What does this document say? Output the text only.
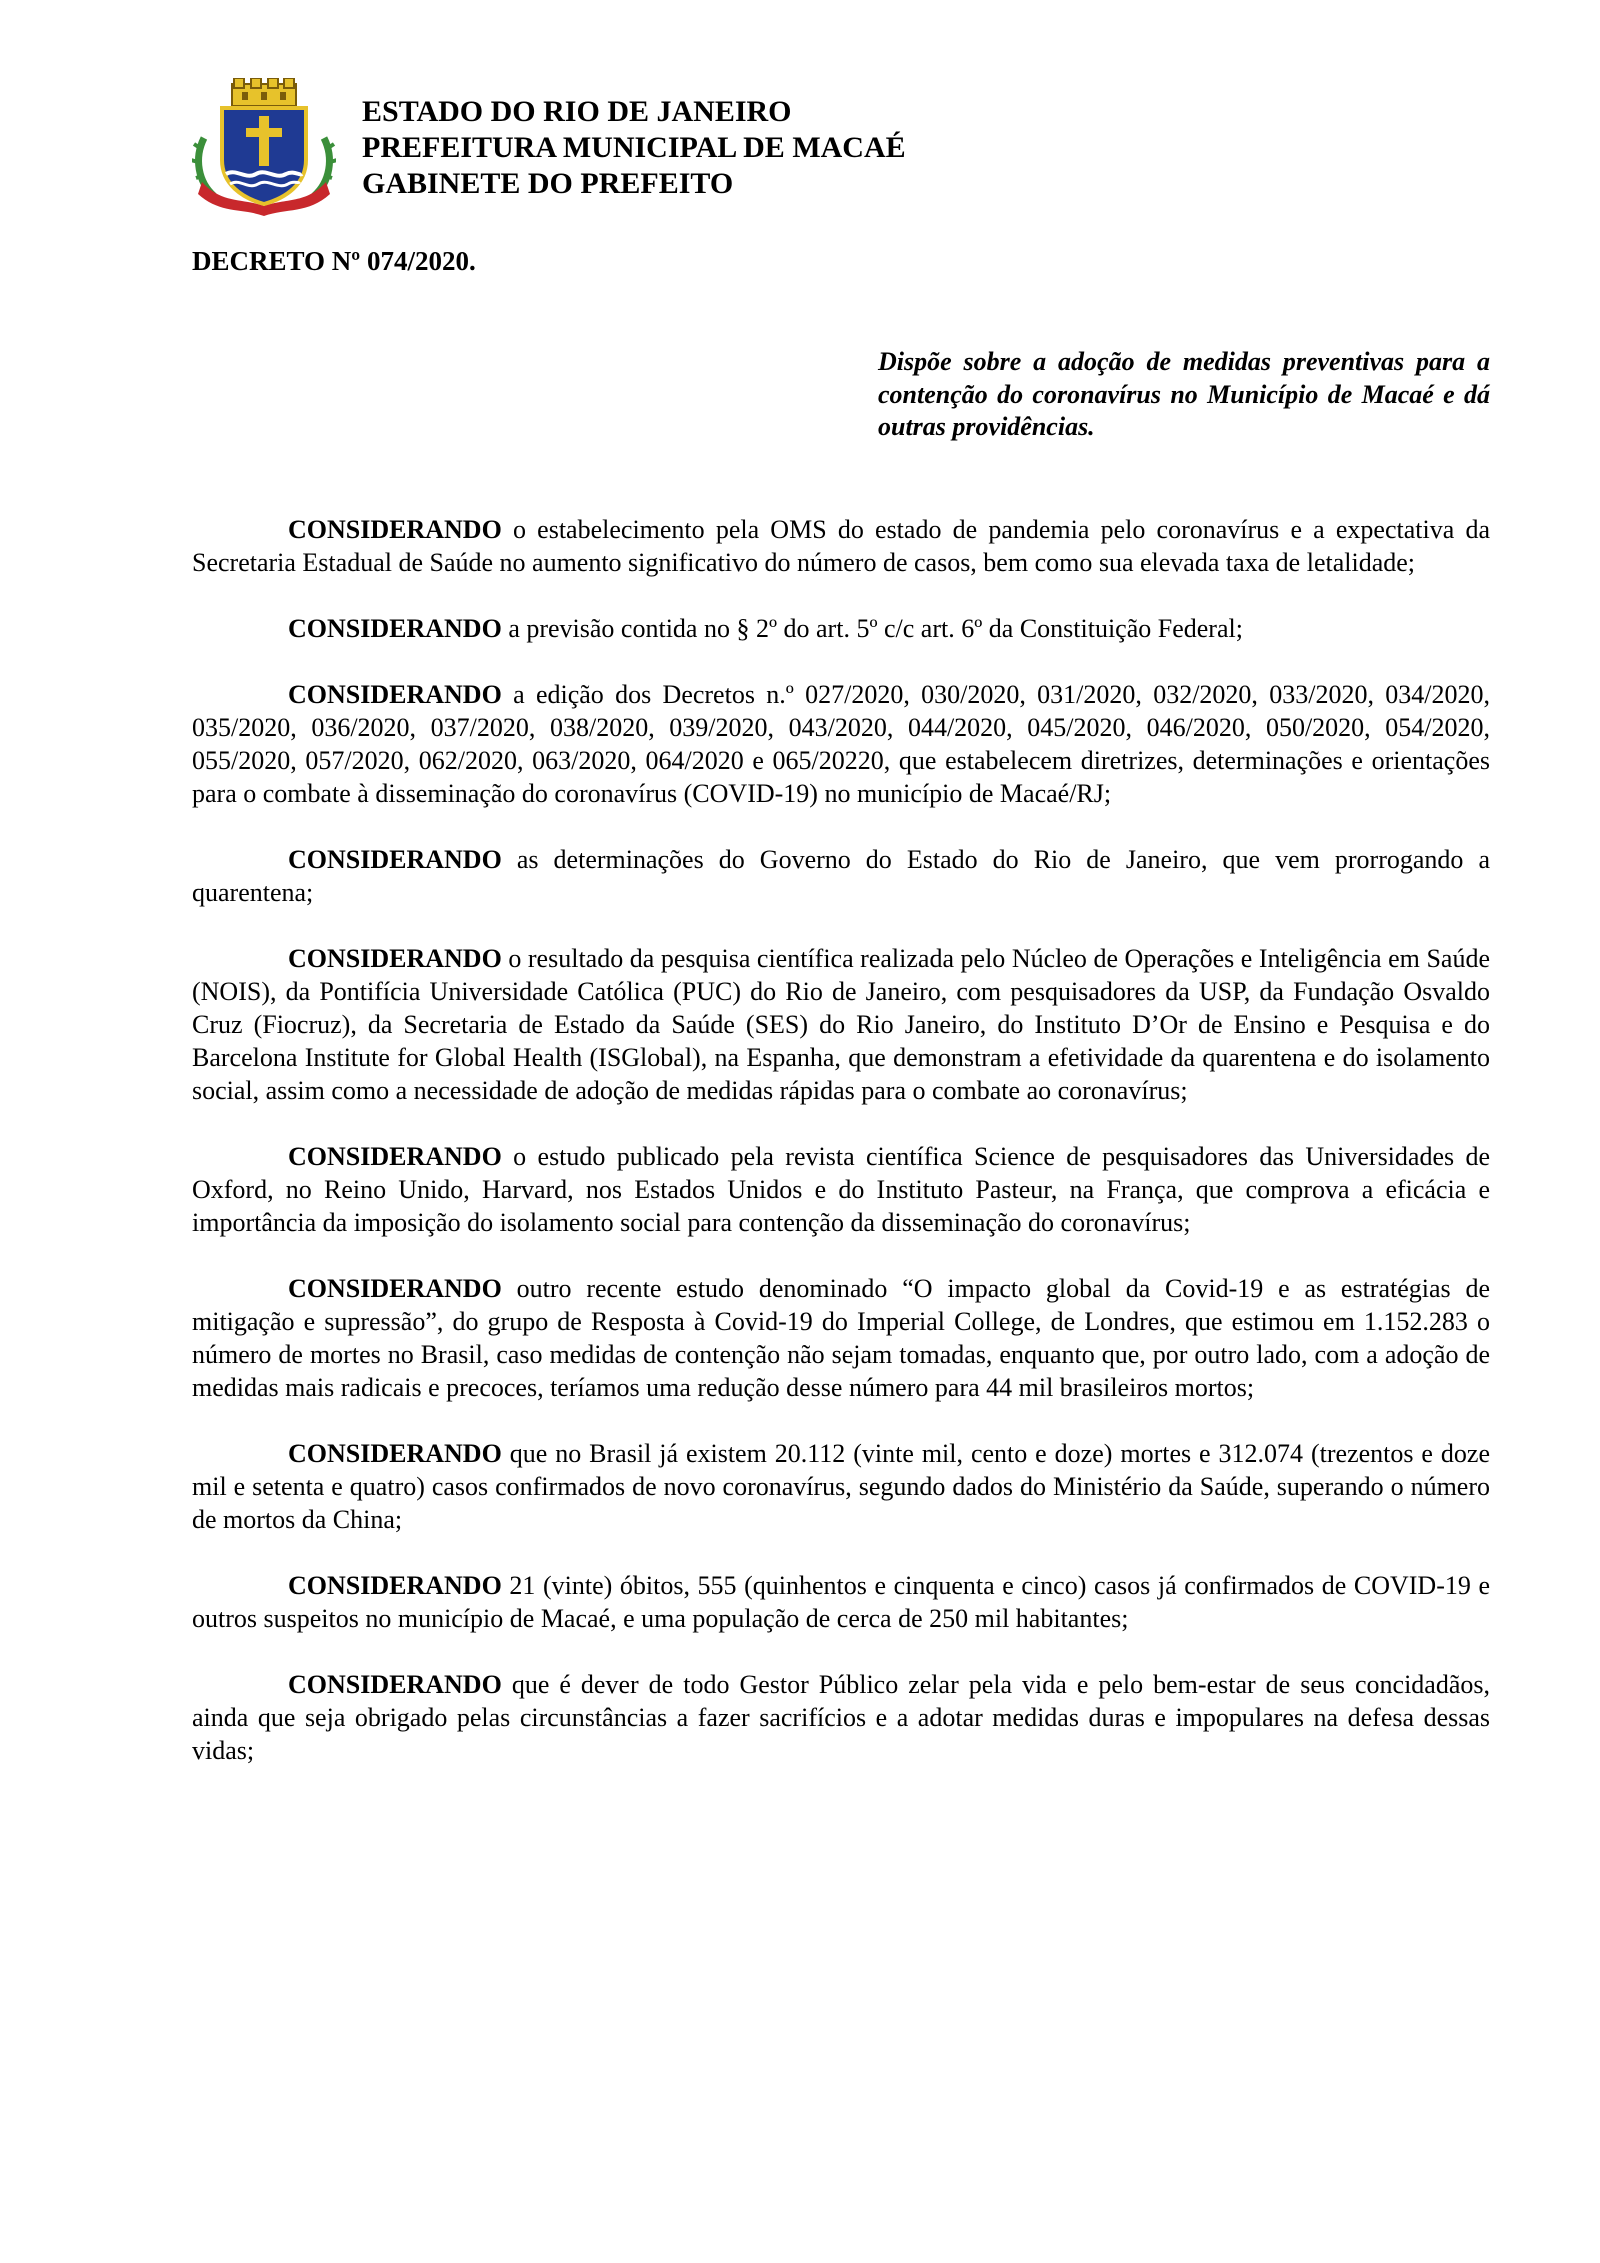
ESTADO DO RIO DE JANEIRO
PREFEITURA MUNICIPAL DE MACAÉ
GABINETE DO PREFEITO
DECRETO Nº 074/2020.
Dispõe sobre a adoção de medidas preventivas para a contenção do coronavírus no Município de Macaé e dá outras providências.

CONSIDERANDO o estabelecimento pela OMS do estado de pandemia pelo coronavírus e a expectativa da Secretaria Estadual de Saúde no aumento significativo do número de casos, bem como sua elevada taxa de letalidade;

CONSIDERANDO a previsão contida no § 2º do art. 5º c/c art. 6º da Constituição Federal;

CONSIDERANDO a edição dos Decretos n.º 027/2020, 030/2020, 031/2020, 032/2020, 033/2020, 034/2020, 035/2020, 036/2020, 037/2020, 038/2020, 039/2020, 043/2020, 044/2020, 045/2020, 046/2020, 050/2020, 054/2020, 055/2020, 057/2020, 062/2020, 063/2020, 064/2020 e 065/20220, que estabelecem diretrizes, determinações e orientações para o combate à disseminação do coronavírus (COVID-19) no município de Macaé/RJ;

CONSIDERANDO as determinações do Governo do Estado do Rio de Janeiro, que vem prorrogando a quarentena;

CONSIDERANDO o resultado da pesquisa científica realizada pelo Núcleo de Operações e Inteligência em Saúde (NOIS), da Pontifícia Universidade Católica (PUC) do Rio de Janeiro, com pesquisadores da USP, da Fundação Osvaldo Cruz (Fiocruz), da Secretaria de Estado da Saúde (SES) do Rio Janeiro, do Instituto D’Or de Ensino e Pesquisa e do Barcelona Institute for Global Health (ISGlobal), na Espanha, que demonstram a efetividade da quarentena e do isolamento social, assim como a necessidade de adoção de medidas rápidas para o combate ao coronavírus;

CONSIDERANDO o estudo publicado pela revista científica Science de pesquisadores das Universidades de Oxford, no Reino Unido, Harvard, nos Estados Unidos e do Instituto Pasteur, na França, que comprova a eficácia e importância da imposição do isolamento social para contenção da disseminação do coronavírus;

CONSIDERANDO outro recente estudo denominado “O impacto global da Covid-19 e as estratégias de mitigação e supressão”, do grupo de Resposta à Covid-19 do Imperial College, de Londres, que estimou em 1.152.283 o número de mortes no Brasil, caso medidas de contenção não sejam tomadas, enquanto que, por outro lado, com a adoção de medidas mais radicais e precoces, teríamos uma redução desse número para 44 mil brasileiros mortos;

CONSIDERANDO que no Brasil já existem 20.112 (vinte mil, cento e doze) mortes e 312.074 (trezentos e doze mil e setenta e quatro) casos confirmados de novo coronavírus, segundo dados do Ministério da Saúde, superando o número de mortos da China;

CONSIDERANDO 21 (vinte) óbitos, 555 (quinhentos e cinquenta e cinco) casos já confirmados de COVID-19 e outros suspeitos no município de Macaé, e uma população de cerca de 250 mil habitantes;

CONSIDERANDO que é dever de todo Gestor Público zelar pela vida e pelo bem-estar de seus concidadãos, ainda que seja obrigado pelas circunstâncias a fazer sacrifícios e a adotar medidas duras e impopulares na defesa dessas vidas;
